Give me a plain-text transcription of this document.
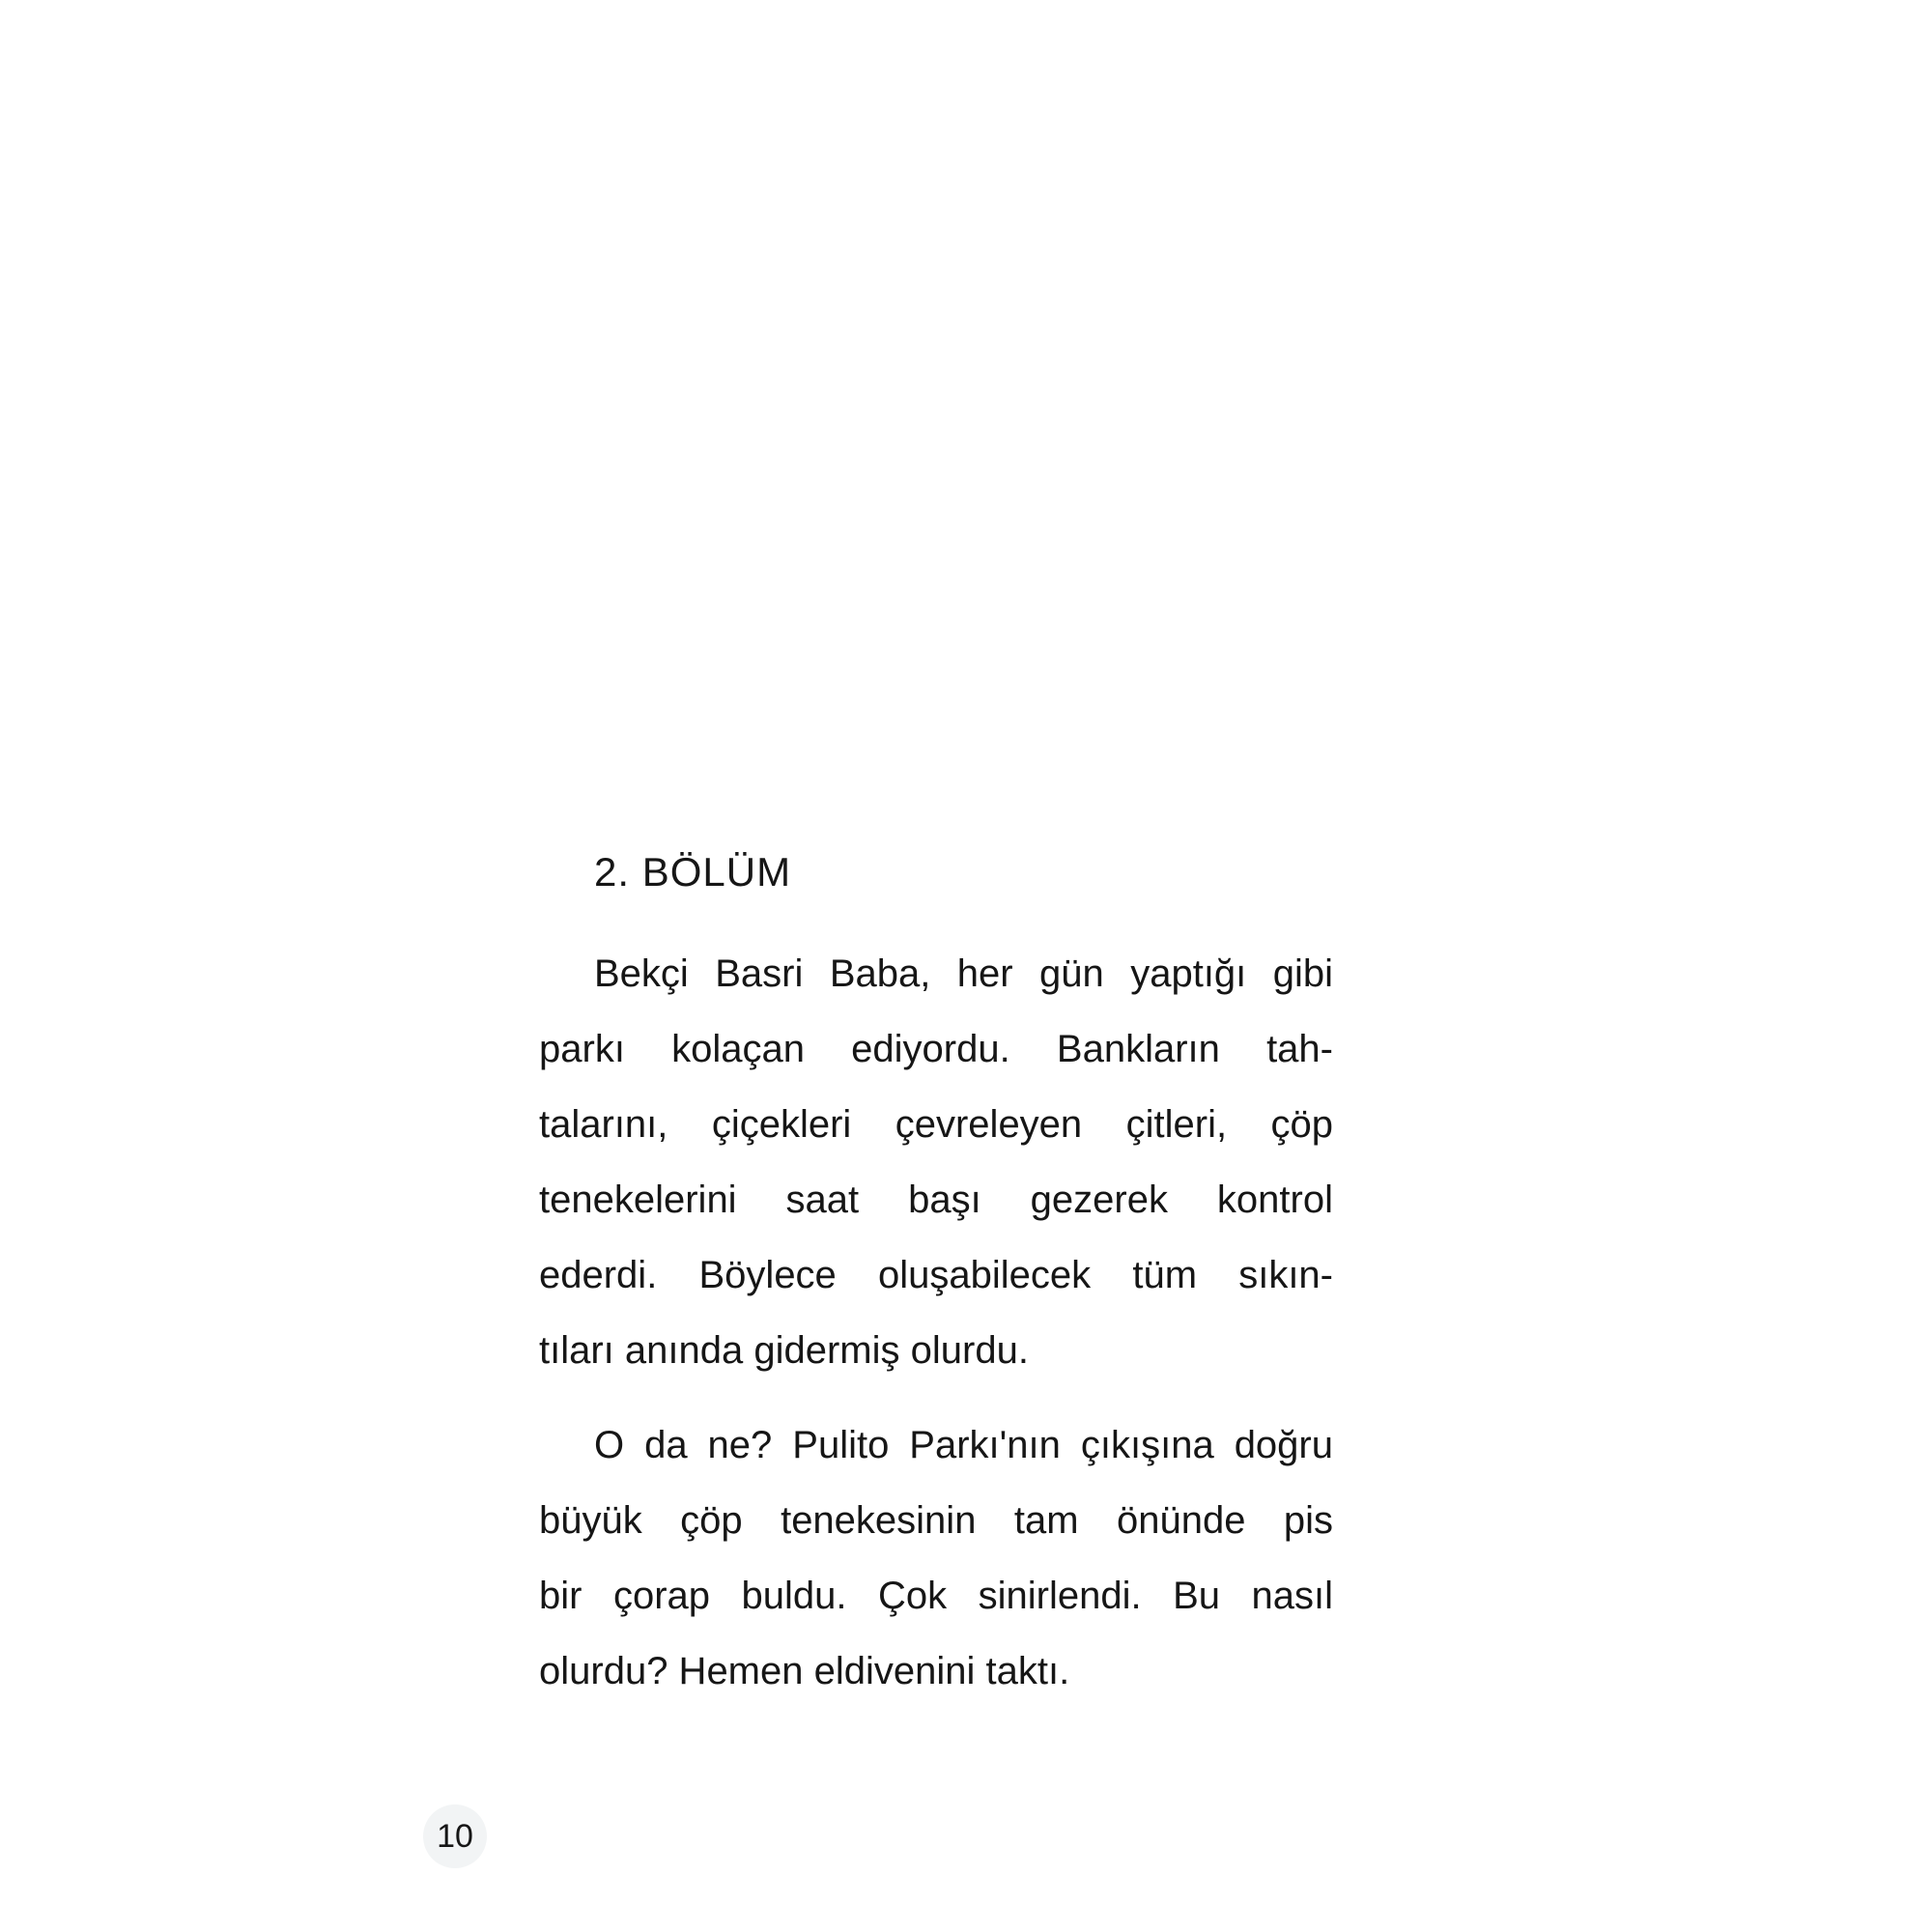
2. BÖLÜM
Bekçi Basri Baba, her gün yaptığı gibi
parkı kolaçan ediyordu. Bankların tah-
talarını, çiçekleri çevreleyen çitleri, çöp
tenekelerini saat başı gezerek kontrol
ederdi. Böylece oluşabilecek tüm sıkın-
tıları anında gidermiş olurdu.
O da ne? Pulito Parkı'nın çıkışına doğru
büyük çöp tenekesinin tam önünde pis
bir çorap buldu. Çok sinirlendi. Bu nasıl
olurdu? Hemen eldivenini taktı.
10
